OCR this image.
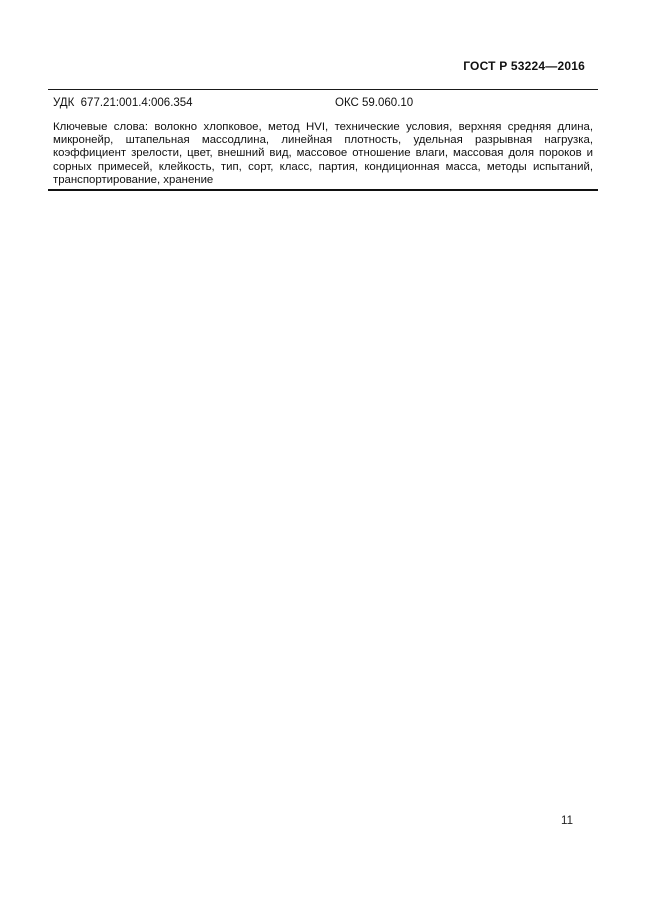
ГОСТ Р 53224—2016
УДК  677.21:001.4:006.354	ОКС 59.060.10
Ключевые слова: волокно хлопковое, метод HVI, технические условия, верхняя средняя длина, микронейр, штапельная массодлина, линейная плотность, удельная разрывная нагрузка, коэффициент зрелости, цвет, внешний вид, массовое отношение влаги, массовая доля пороков и сорных примесей, клейкость, тип, сорт, класс, партия, кондиционная масса, методы испытаний, транспортирование, хранение
11
